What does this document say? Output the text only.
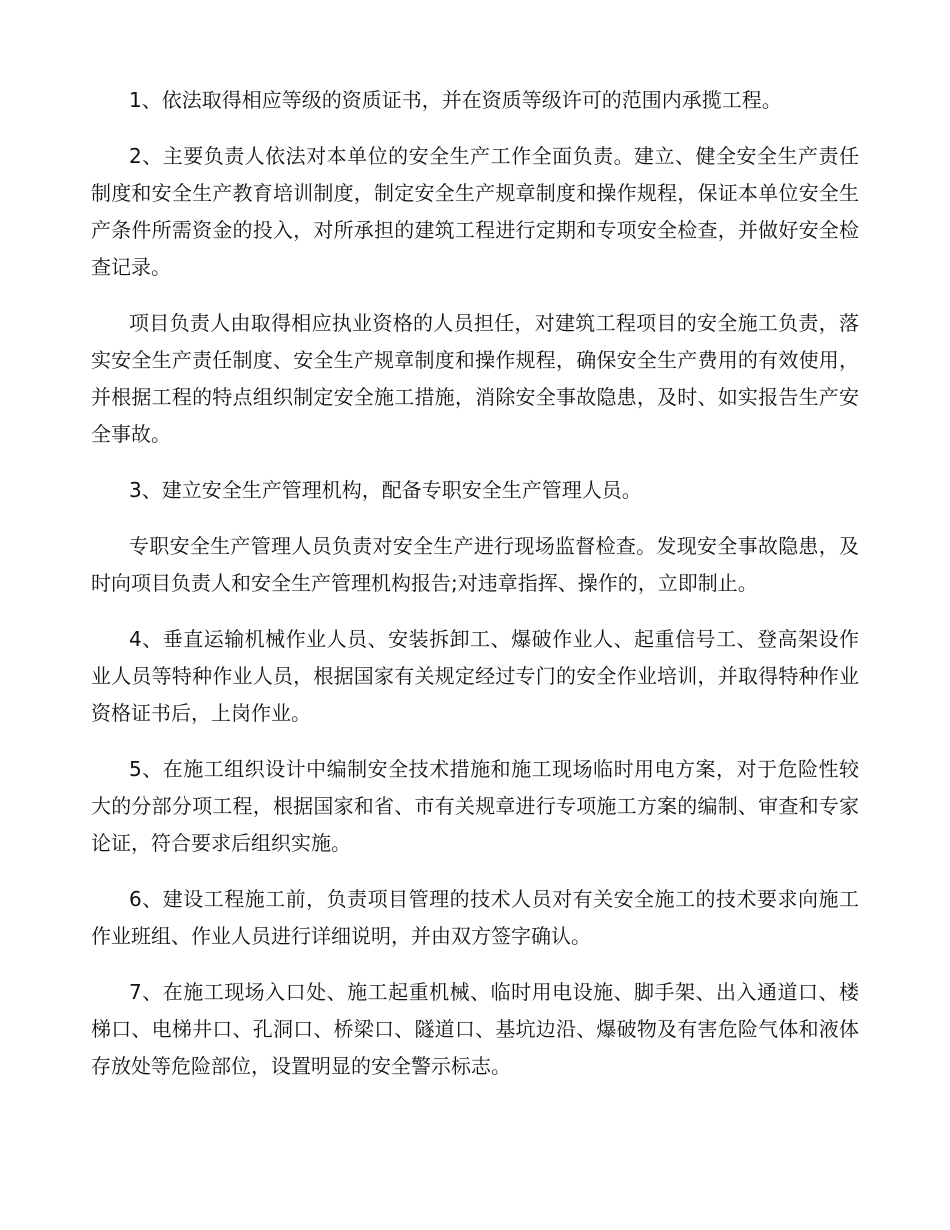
1、依法取得相应等级的资质证书，并在资质等级许可的范围内承揽工程。

2、主要负责人依法对本单位的安全生产工作全面负责。建立、健全安全生产责任制度和安全生产教育培训制度，制定安全生产规章制度和操作规程，保证本单位安全生产条件所需资金的投入，对所承担的建筑工程进行定期和专项安全检查，并做好安全检查记录。

项目负责人由取得相应执业资格的人员担任，对建筑工程项目的安全施工负责，落实安全生产责任制度、安全生产规章制度和操作规程，确保安全生产费用的有效使用，并根据工程的特点组织制定安全施工措施，消除安全事故隐患，及时、如实报告生产安全事故。

3、建立安全生产管理机构，配备专职安全生产管理人员。

专职安全生产管理人员负责对安全生产进行现场监督检查。发现安全事故隐患，及时向项目负责人和安全生产管理机构报告;对违章指挥、操作的，立即制止。

4、垂直运输机械作业人员、安装拆卸工、爆破作业人、起重信号工、登高架设作业人员等特种作业人员，根据国家有关规定经过专门的安全作业培训，并取得特种作业资格证书后，上岗作业。

5、在施工组织设计中编制安全技术措施和施工现场临时用电方案，对于危险性较大的分部分项工程，根据国家和省、市有关规章进行专项施工方案的编制、审查和专家论证，符合要求后组织实施。

6、建设工程施工前，负责项目管理的技术人员对有关安全施工的技术要求向施工作业班组、作业人员进行详细说明，并由双方签字确认。

7、在施工现场入口处、施工起重机械、临时用电设施、脚手架、出入通道口、楼梯口、电梯井口、孔洞口、桥梁口、隧道口、基坑边沿、爆破物及有害危险气体和液体存放处等危险部位，设置明显的安全警示标志。
